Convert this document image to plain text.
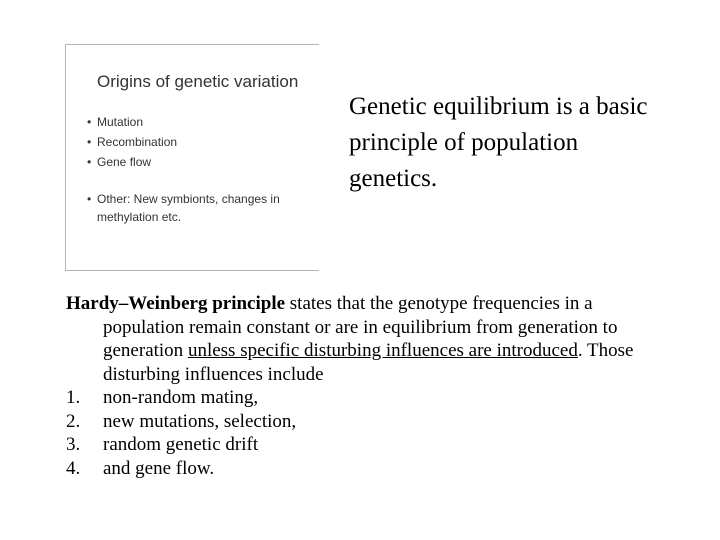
Origins of genetic variation
• Mutation
• Recombination
• Gene flow
• Other: New symbionts, changes in methylation etc.
Genetic equilibrium is a basic principle of population genetics.

Hardy–Weinberg principle states that the genotype frequencies in a population remain constant or are in equilibrium from generation to generation unless specific disturbing influences are introduced. Those disturbing influences include

1. non-random mating,
2. new mutations, selection,
3. random genetic drift
4. and gene flow.
